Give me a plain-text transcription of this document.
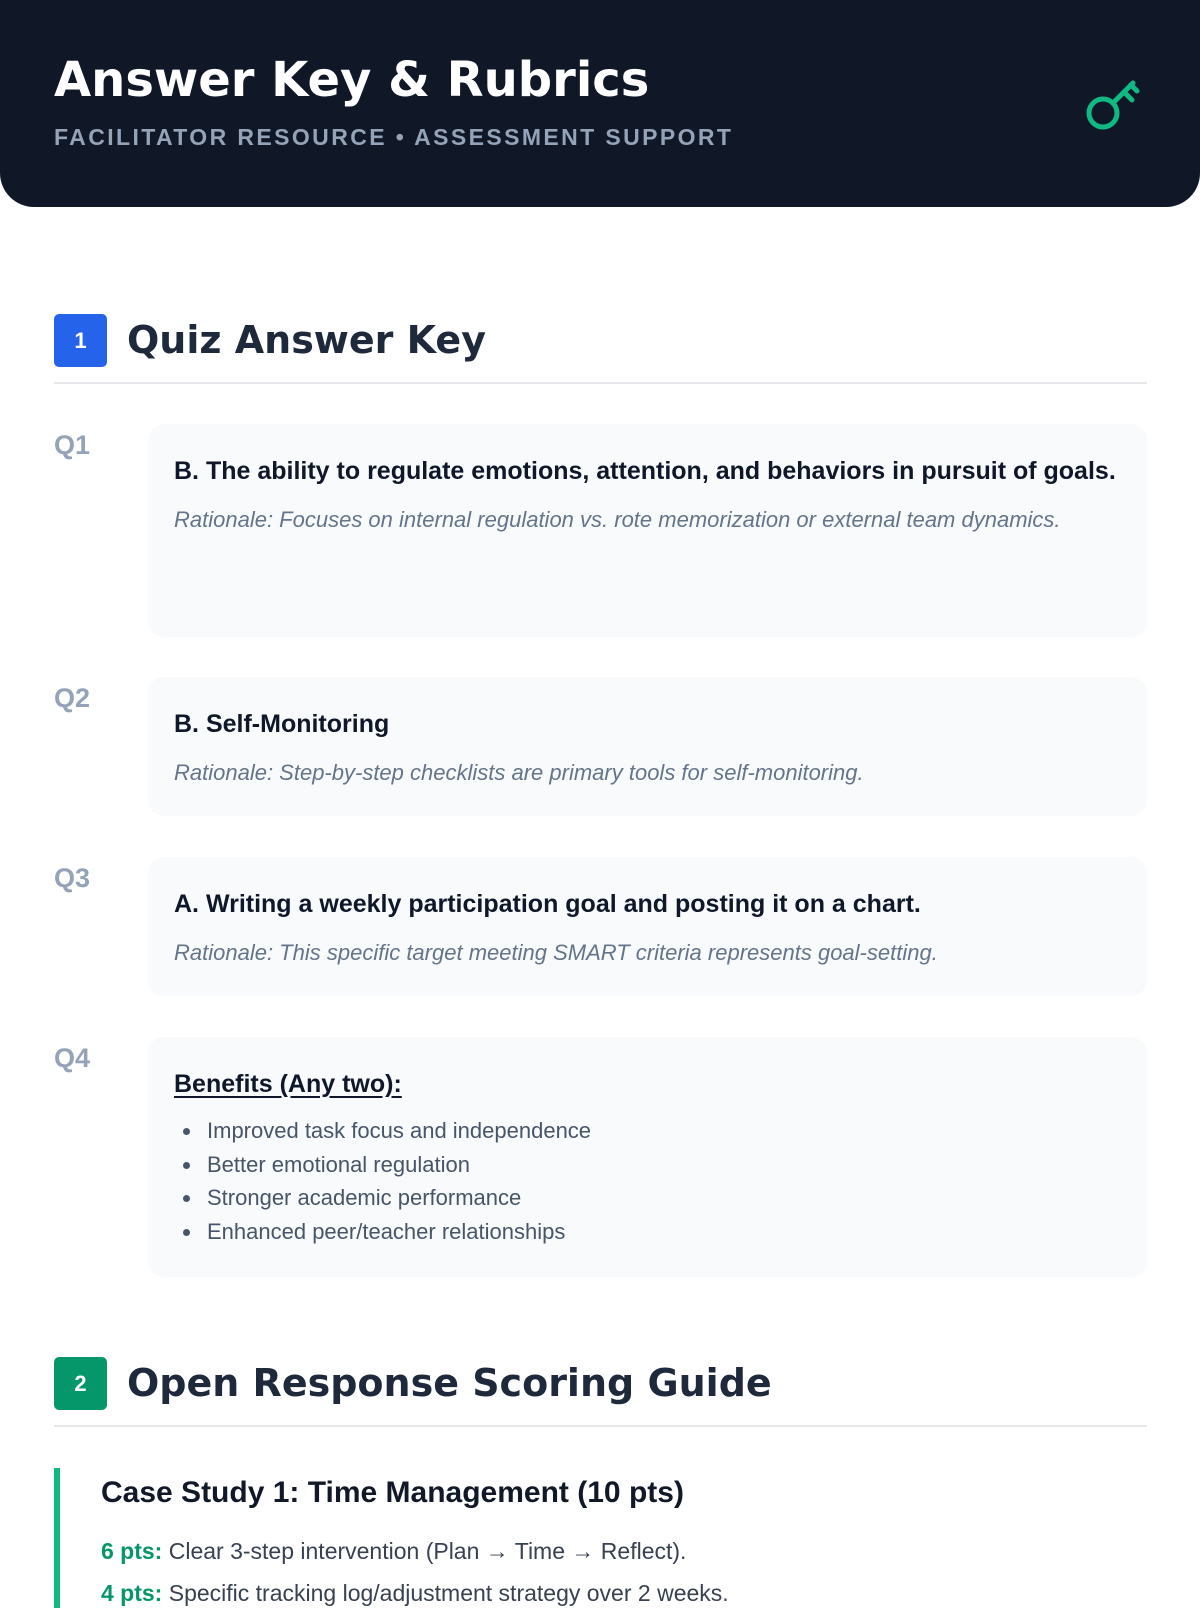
Answer Key & Rubrics
FACILITATOR RESOURCE • ASSESSMENT SUPPORT
1	Quiz Answer Key
Q1
B. The ability to regulate emotions, attention, and behaviors in pursuit of goals.
Rationale: Focuses on internal regulation vs. rote memorization or external team dynamics.
Q2
B. Self-Monitoring
Rationale: Step-by-step checklists are primary tools for self-monitoring.
Q3
A. Writing a weekly participation goal and posting it on a chart.
Rationale: This specific target meeting SMART criteria represents goal-setting.
Q4
Benefits (Any two):
Improved task focus and independence
Better emotional regulation
Stronger academic performance
Enhanced peer/teacher relationships
2	Open Response Scoring Guide
Case Study 1: Time Management (10 pts)
6 pts: Clear 3-step intervention (Plan → Time → Reflect).
4 pts: Specific tracking log/adjustment strategy over 2 weeks.
